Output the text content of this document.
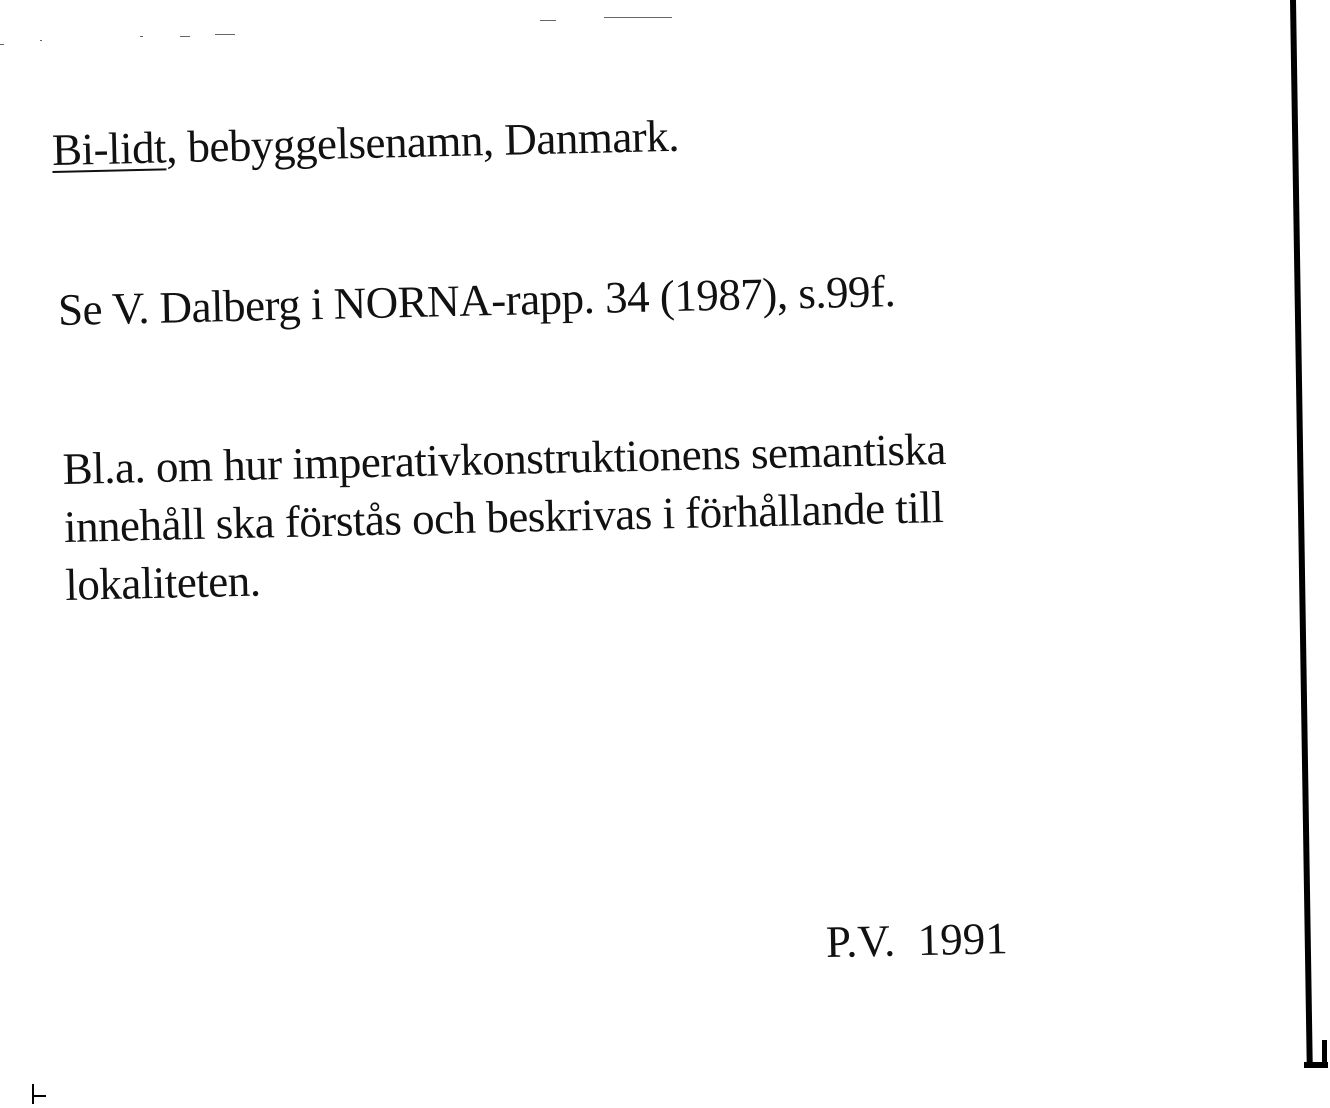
Bi-lidt, bebyggelsenamn, Danmark.
Se V. Dalberg i NORNA-rapp. 34 (1987), s.99f.
Bl.a. om hur imperativkonstruktionens semantiska
innehåll ska förstås och beskrivas i förhållande till
lokaliteten.
P.V.  1991
